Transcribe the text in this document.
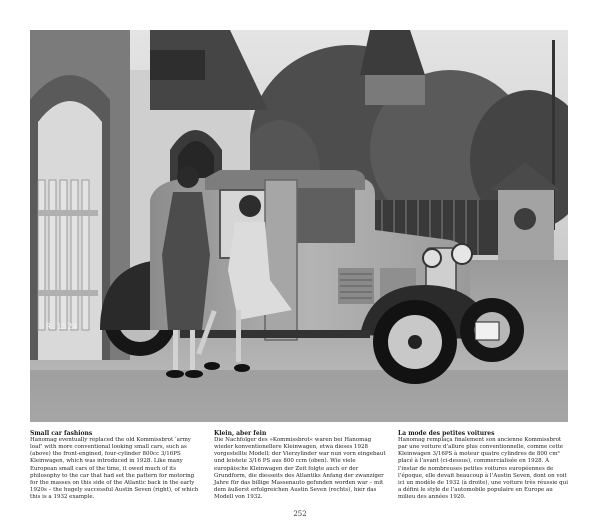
R.1524
Small car fashions

Hanomag eventually replaced the old Kommissbrot ‘army loaf’ with more conventional looking small cars, such as (above) the front-engined, four-cylinder 800cc 3/16PS Kleinwagen, which was introduced in 1928. Like many European small cars of the time, it owed much of its philosophy to the car that had set the pattern for motoring for the masses on this side of the Atlantic back in the early 1920s – the hugely successful Austin Seven (right), of which this is a 1932 example.

Klein, aber fein

Die Nachfolger des »Kommissbrot« waren bei Hanomag wieder konventionellere Kleinwagen, etwa dieses 1928 vorgestellte Modell; der Vierzylinder war nun vorn eingebaut und leistete 3/16 PS aus 800 ccm (oben). Wie viele europäische Kleinwagen der Zeit folgte auch er der Grundform, die diesseits des Atlantiks Anfang der zwanziger Jahre für das billige Massenauto gefunden worden war – mit dem äußerst erfolgreichen Austin Seven (rechts), hier das Modell von 1932.

La mode des petites voitures

Hanomag remplaça finalement son ancienne Kommissbrot par une voiture d’allure plus conventionnelle, comme cette Kleinwagen 3/16PS à moteur quatre cylindres de 800 cm³ placé à l’avant (ci-dessus), commercialisée en 1928. À l’instar de nombreuses petites voitures européennes de l’époque, elle devait beaucoup à l’Austin Seven, dont on voit ici un modèle de 1932 (à droite), une voiture très réussie qui a défini le style de l’automobile populaire en Europe au milieu des années 1920.

252
